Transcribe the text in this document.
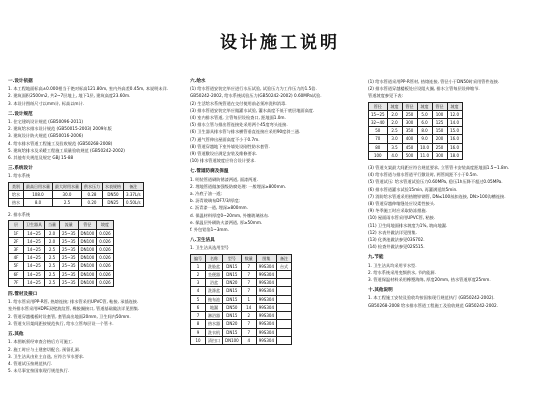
设计施工说明
一.设计依据
1. 本工程地面标高±0.000相当于绝对标高121.80m, 室内外高差0.45m, 本说明未详.
2. 建筑面积2500m2, 共2~7层地上, 地下1层, 建筑高度23.60m.
3. 本设计图纸尺寸以mm计, 标高以m计.
二.设计规范
1. 住宅建筑设计规范 (GB50096-2011)
2. 建筑给水排水设计规范 (GB50015-2003) 2009年版
3. 建筑设计防火规范 (GB50016-2006)
4. 给水排水管道工程施工及验收规范 (GB50268-2008)
5. 建筑给排水及采暖工程施工质量验收规范 (GB50242-2002)
6. 其他有关规范及规定 GBJ 15-88
三.系统设计
1. 给水系统
类别	最高日用水量	最大时用水量	供水压力	水表规格	备注
给水	108.0	30.0	0.28	DN50	3.37L/s
热水	8.0	2.5	0.20	DN25	0.50L/s
2. 排水系统
层	卫生器具	当量	流量	管径	坡度
1F	14~25	2.0	25~35	DN100	0.026
2F	14~25	2.0	25~35	DN100	0.026
3F	14~25	2.5	25~35	DN100	0.026
4F	14~25	2.5	25~35	DN100	0.026
5F	14~25	2.5	25~35	DN100	0.026
6F	14~25	2.5	25~35	DN100	0.026
7F	14~25	2.5	25~35	DN100	0.026
四.管材及接口
1. 给水管采用PP-R管, 热熔连接; 排水管采用UPVC管, 粘接, 承插连接.
室外排水管采用HDPE双壁波纹管, 橡胶圈接口, 管道基础做法详见图集.
2. 管道穿越楼板时设套管, 套管高出地面20mm, 卫生间内50mm.
3. 管道支吊架间距按规范执行, 给水立管每层设一个管卡.
五.其他
1. 本图纸须经审查合格后方可施工.
2. 施工时应与土建密切配合, 预留孔洞.
3. 卫生洁具由业主自选, 应符合节水要求.
4. 管道试压按规范执行.
5. 未尽事宜按国家现行规范执行.
六.给水
(1) 给水管道安装完毕应进行水压试验, 试验压力为工作压力的1.5倍.
GB50242-2002, 给水系统试验压力(GB50242-2002) 0.60MPa试验.
(2) 生活给水系统管道在交付使用前必须冲洗和消毒.
(3) 排水管道安装完毕应做灌水试验, 灌水高度不低于底层地面高度.
(4) 室内排水管道, 立管每层设检查口, 距地面1.0m.
(5) 排水立管与排出管连接处采用两个45度弯头连接.
(6) 卫生器具排水管与排水横管垂直连接应采用90度斜三通.
(7) 通气管伸出屋面高度不小于0.7m.
(8) 管道穿越地下室外墙处设刚性防水套管.
(9) 管道敷设应满足安装及维修要求.
(10) 排水管道坡度应符合设计要求.
七.管道防腐及保温
1. 明装管道刷防锈漆两道, 面漆两道.
2. 埋地管道做加强级防腐处理: 一般埋深≥800mm.
a. 冷底子油一道;
b. 沥青玻璃布DF7/3/厚度;
c. 沥青漆一道, 埋深≥800mm.
d. 保温材料厚度0~20mm, 外缠玻璃丝布.
e. 保温层外刷防火漆两道, 厚≥50mm.
f. 外包铝箔1~3mm.
八.卫生洁具
1. 卫生洁具选用型号
编号	名称	型号	数量	图集	备注
1	洗脸盆	DN15	7	99S304	台式
2	坐便器	DN15	7	99S304	
3	浴盆	DN20	7	99S304	
4	洗涤盆	DN15	7	99S304	
5	拖布池	DN15	1	99S304	
6	地漏	DN50	14	99S304	
7	淋浴器	DN15	2	99S304	
8	热水器	DN20	7	99S304	
9	洗衣机	DN15	7	99S304	
10	清扫口	DN100	4	99S304	
(1) 给水管道采用PP-R管材, 热熔连接, 管径小于DN50时采用管件连接.
(2) 排水管道穿越楼板处应设阻火圈, 排水立管每层设伸缩节.
管道坡度参见下表:
管径	坡度	管径	坡度	管径	坡度
15~25	2.0	250	5.0	100	12.0
32~40	2.0	300	6.0	125	14.0
50	2.5	350	8.0	150	15.0
70	3.0	400	9.0	200	16.0
80	3.5	450	10.0	250	16.0
100	4.0	500	11.0	300	18.0
(3) 管道支架最大间距应符合规范要求, 立管管卡安装高度距地面1.5~1.8m.
(4) 给水管道与排水管道平行敷设时, 两管间距不小于0.5m.
(5) 管道试压: 给水管道试验压力0.60MPa, 稳压1h压降不超过0.05MPa.
(6) 排水管道灌水试验15min, 再灌满延续5min.
(7) 消防给水管道采用热镀锌钢管, DN≤100丝扣连接, DN>100沟槽连接.
(8) 管道穿越伸缩缝处应设柔性接头.
(9) 冬季施工时应采取防冻措施.
(10) 屋面雨水管采用UPVC管, 粘接.
(11) 卫生间地面排水坡度为1%, 坡向地漏.
(12) 水表井做法详见图集.
(13) 化粪池做法参见03S702.
(14) 检查井做法参见02S515.
九.节能
1. 卫生洁具均采用节水型.
2. 给水系统采用变频供水, 节约能源.
3. 管道保温材料采用橡塑海绵, 厚度20mm, 热水管道厚度25mm.
十.其他说明
1. 本工程施工安装及验收均按国家现行规范执行 (GB50242-2002).
GB50268-2008 给水排水管道工程施工及验收规范 GB50242-2002.
